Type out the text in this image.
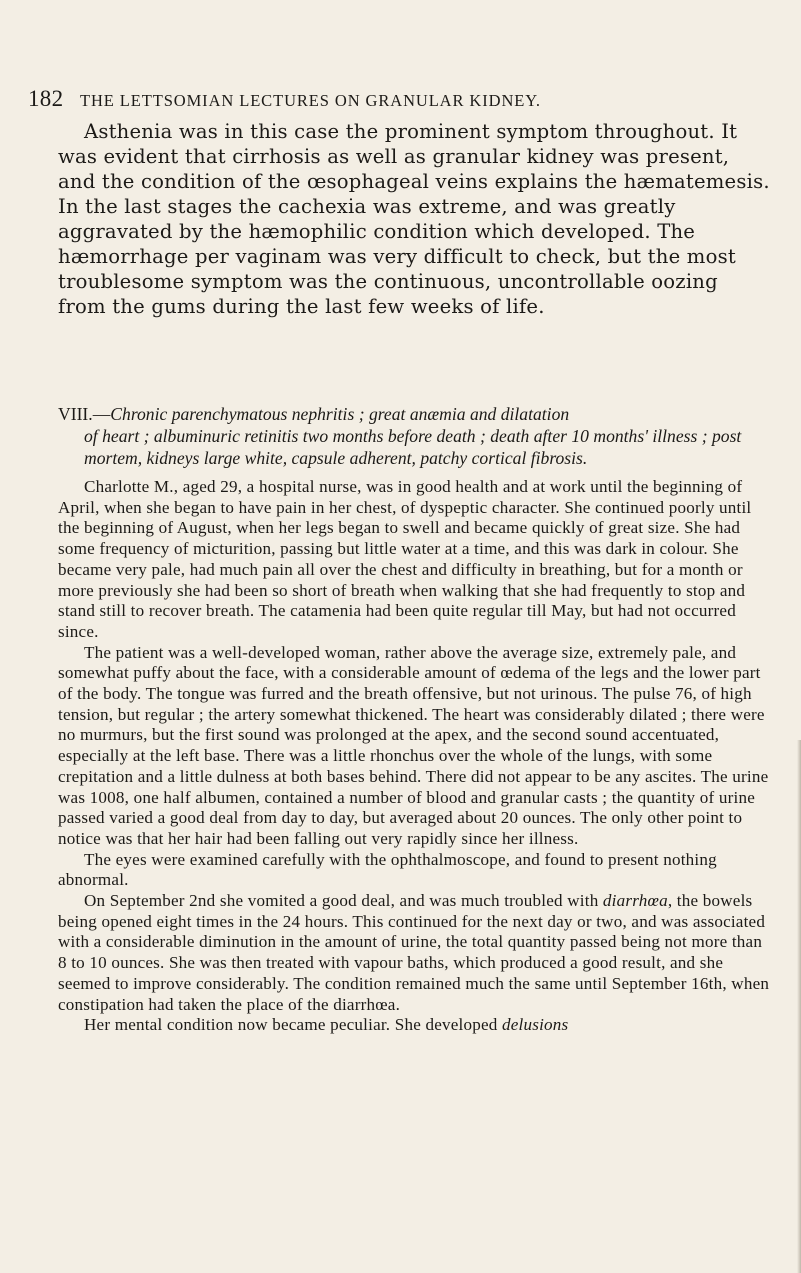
182 THE LETTSOMIAN LECTURES ON GRANULAR KIDNEY.

Asthenia was in this case the prominent symptom throughout. It was evident that cirrhosis as well as granular kidney was present, and the condition of the œsophageal veins explains the hæmatemesis. In the last stages the cachexia was extreme, and was greatly aggravated by the hæmophilic condition which developed. The hæmorrhage per vaginam was very difficult to check, but the most troublesome symptom was the continuous, uncontrollable oozing from the gums during the last few weeks of life.

VIII.—Chronic parenchymatous nephritis ; great anæmia and dilatation
of heart ; albuminuric retinitis two months before death ; death after 10 months' illness ; post mortem, kidneys large white, capsule adherent, patchy cortical fibrosis.

Charlotte M., aged 29, a hospital nurse, was in good health and at work until the beginning of April, when she began to have pain in her chest, of dyspeptic character. She continued poorly until the beginning of August, when her legs began to swell and became quickly of great size. She had some frequency of micturition, passing but little water at a time, and this was dark in colour. She became very pale, had much pain all over the chest and difficulty in breathing, but for a month or more previously she had been so short of breath when walking that she had frequently to stop and stand still to recover breath. The catamenia had been quite regular till May, but had not occurred since.

The patient was a well-developed woman, rather above the average size, extremely pale, and somewhat puffy about the face, with a considerable amount of œdema of the legs and the lower part of the body. The tongue was furred and the breath offensive, but not urinous. The pulse 76, of high tension, but regular ; the artery somewhat thickened. The heart was considerably dilated ; there were no murmurs, but the first sound was prolonged at the apex, and the second sound accentuated, especially at the left base. There was a little rhonchus over the whole of the lungs, with some crepitation and a little dulness at both bases behind. There did not appear to be any ascites. The urine was 1008, one half albumen, contained a number of blood and granular casts ; the quantity of urine passed varied a good deal from day to day, but averaged about 20 ounces. The only other point to notice was that her hair had been falling out very rapidly since her illness.

The eyes were examined carefully with the ophthalmoscope, and found to present nothing abnormal.

On September 2nd she vomited a good deal, and was much troubled with diarrhœa, the bowels being opened eight times in the 24 hours. This continued for the next day or two, and was associated with a considerable diminution in the amount of urine, the total quantity passed being not more than 8 to 10 ounces. She was then treated with vapour baths, which produced a good result, and she seemed to improve considerably. The condition remained much the same until September 16th, when constipation had taken the place of the diarrhœa.

Her mental condition now became peculiar. She developed delusions
